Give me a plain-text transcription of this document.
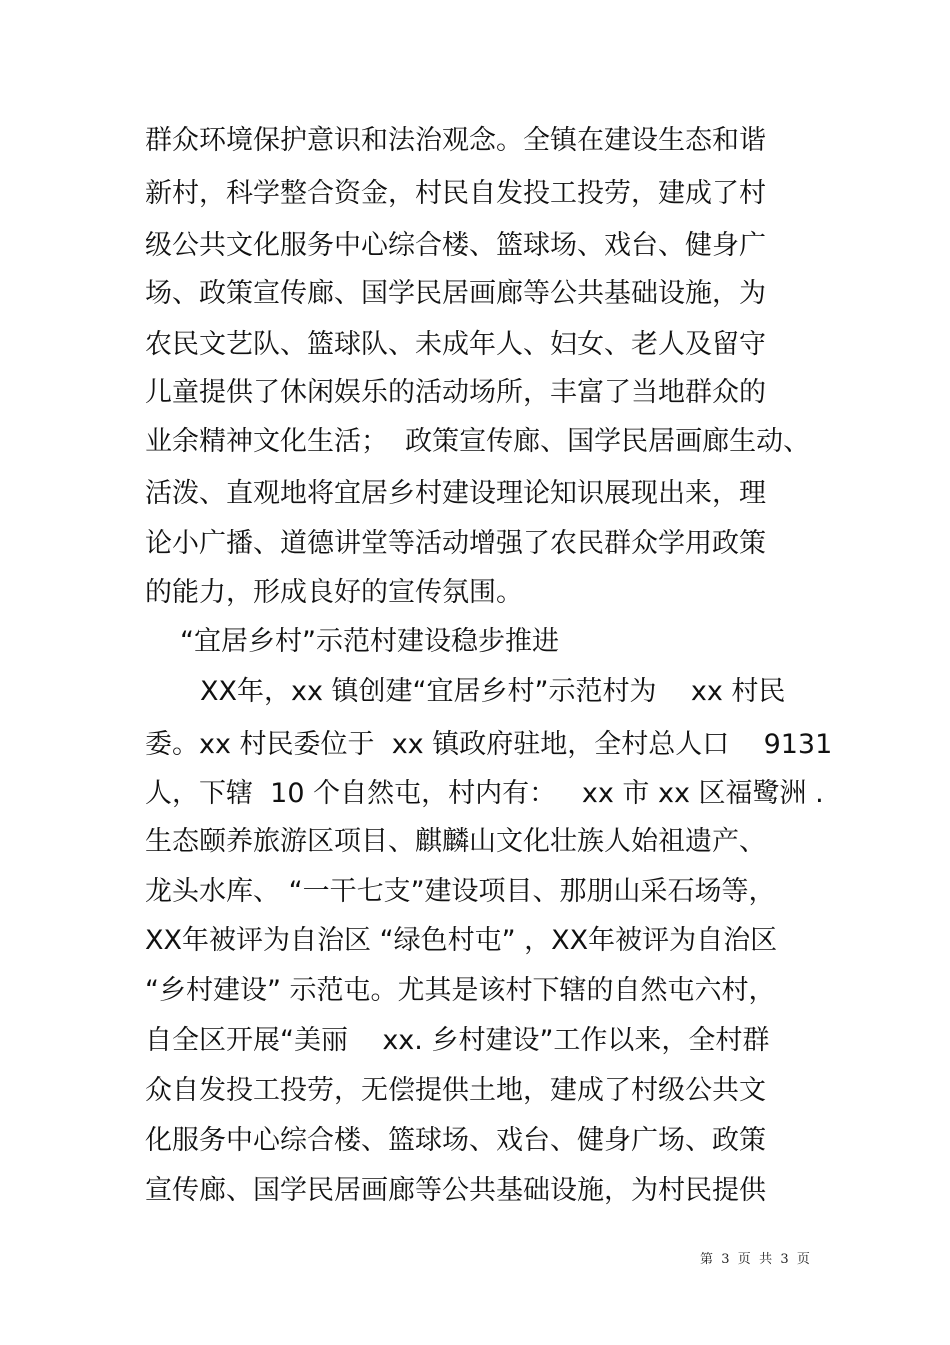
群众环境保护意识和法治观念。全镇在建设生态和谐
新村，科学整合资金，村民自发投工投劳，建成了村
级公共文化服务中心综合楼、篮球场、戏台、健身广
场、政策宣传廊、国学民居画廊等公共基础设施，为
农民文艺队、篮球队、未成年人、妇女、老人及留守
儿童提供了休闲娱乐的活动场所，丰富了当地群众的
业余精神文化生活；  政策宣传廊、国学民居画廊生动、
活泼、直观地将宜居乡村建设理论知识展现出来，理
论小广播、道德讲堂等活动增强了农民群众学用政策
的能力，形成良好的宣传氛围。
“宜居乡村”示范村建设稳步推进
XX年，xx 镇创建“宜居乡村”示范村为    xx 村民
委。xx 村民委位于  xx 镇政府驻地，全村总人口    9131
人，下辖  10 个自然屯，村内有：   xx 市 xx 区福鹭洲 .
生态颐养旅游区项目、麒麟山文化壮族人始祖遗产、
龙头水库、 “一干七支”建设项目、那朋山采石场等，
XX年被评为自治区 “绿色村屯” ，XX年被评为自治区
“乡村建设” 示范屯。尤其是该村下辖的自然屯六村，
自全区开展“美丽    xx. 乡村建设”工作以来，全村群
众自发投工投劳，无偿提供土地，建成了村级公共文
化服务中心综合楼、篮球场、戏台、健身广场、政策
宣传廊、国学民居画廊等公共基础设施，为村民提供
第  3  页  共  3  页
